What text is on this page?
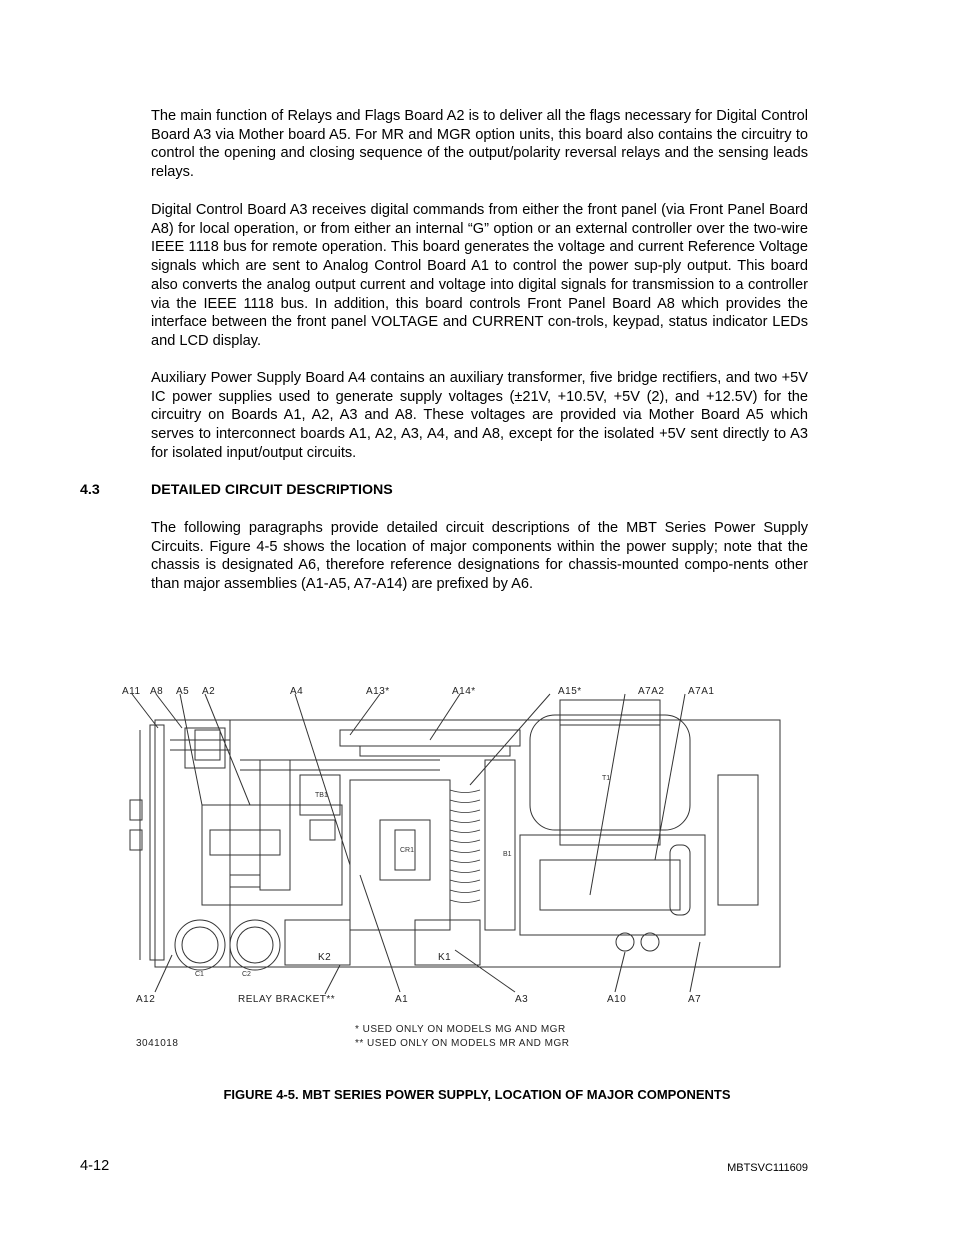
The main function of Relays and Flags Board A2 is to deliver all the flags necessary for Digital Control Board A3 via Mother board A5. For MR and MGR option units, this board also contains the circuitry to control the opening and closing sequence of the output/polarity reversal relays and the sensing leads relays.

Digital Control Board A3 receives digital commands from either the front panel (via Front Panel Board A8) for local operation, or from either an internal “G” option or an external controller over the two-wire IEEE 1118 bus for remote operation. This board generates the voltage and current Reference Voltage signals which are sent to Analog Control Board A1 to control the power sup-ply output. This board also converts the analog output current and voltage into digital signals for transmission to a controller via the IEEE 1118 bus. In addition, this board controls Front Panel Board A8 which provides the interface between the front panel VOLTAGE and CURRENT con-trols, keypad, status indicator LEDs and LCD display.

Auxiliary Power Supply Board A4 contains an auxiliary transformer, five bridge rectifiers, and two +5V IC power supplies used to generate supply voltages (±21V, +10.5V, +5V (2), and +12.5V) for the circuitry on Boards A1, A2, A3 and A8. These voltages are provided via Mother Board A5 which serves to interconnect boards A1, A2, A3, A4, and A8, except for the isolated +5V sent directly to A3 for isolated input/output circuits.

4.3	DETAILED CIRCUIT DESCRIPTIONS

The following paragraphs provide detailed circuit descriptions of the MBT Series Power Supply Circuits. Figure 4-5 shows the location of major components within the power supply; note that the chassis is designated A6, therefore reference designations for chassis-mounted compo-nents other than major assemblies (A1-A5, A7-A14) are prefixed by A6.

A11 A8 A5 A2	A4	A13*	A14*	A15*	A7A2 A7A1
C1	C2
K2	K1
TB1
B1
T1
CR1
A12	RELAY BRACKET**	A1	A3	A10	A7
3041018
* USED ONLY ON MODELS MG AND MGR
** USED ONLY ON MODELS MR AND MGR
FIGURE 4-5. MBT SERIES POWER SUPPLY, LOCATION OF MAJOR COMPONENTS
4-12	MBTSVC111609
